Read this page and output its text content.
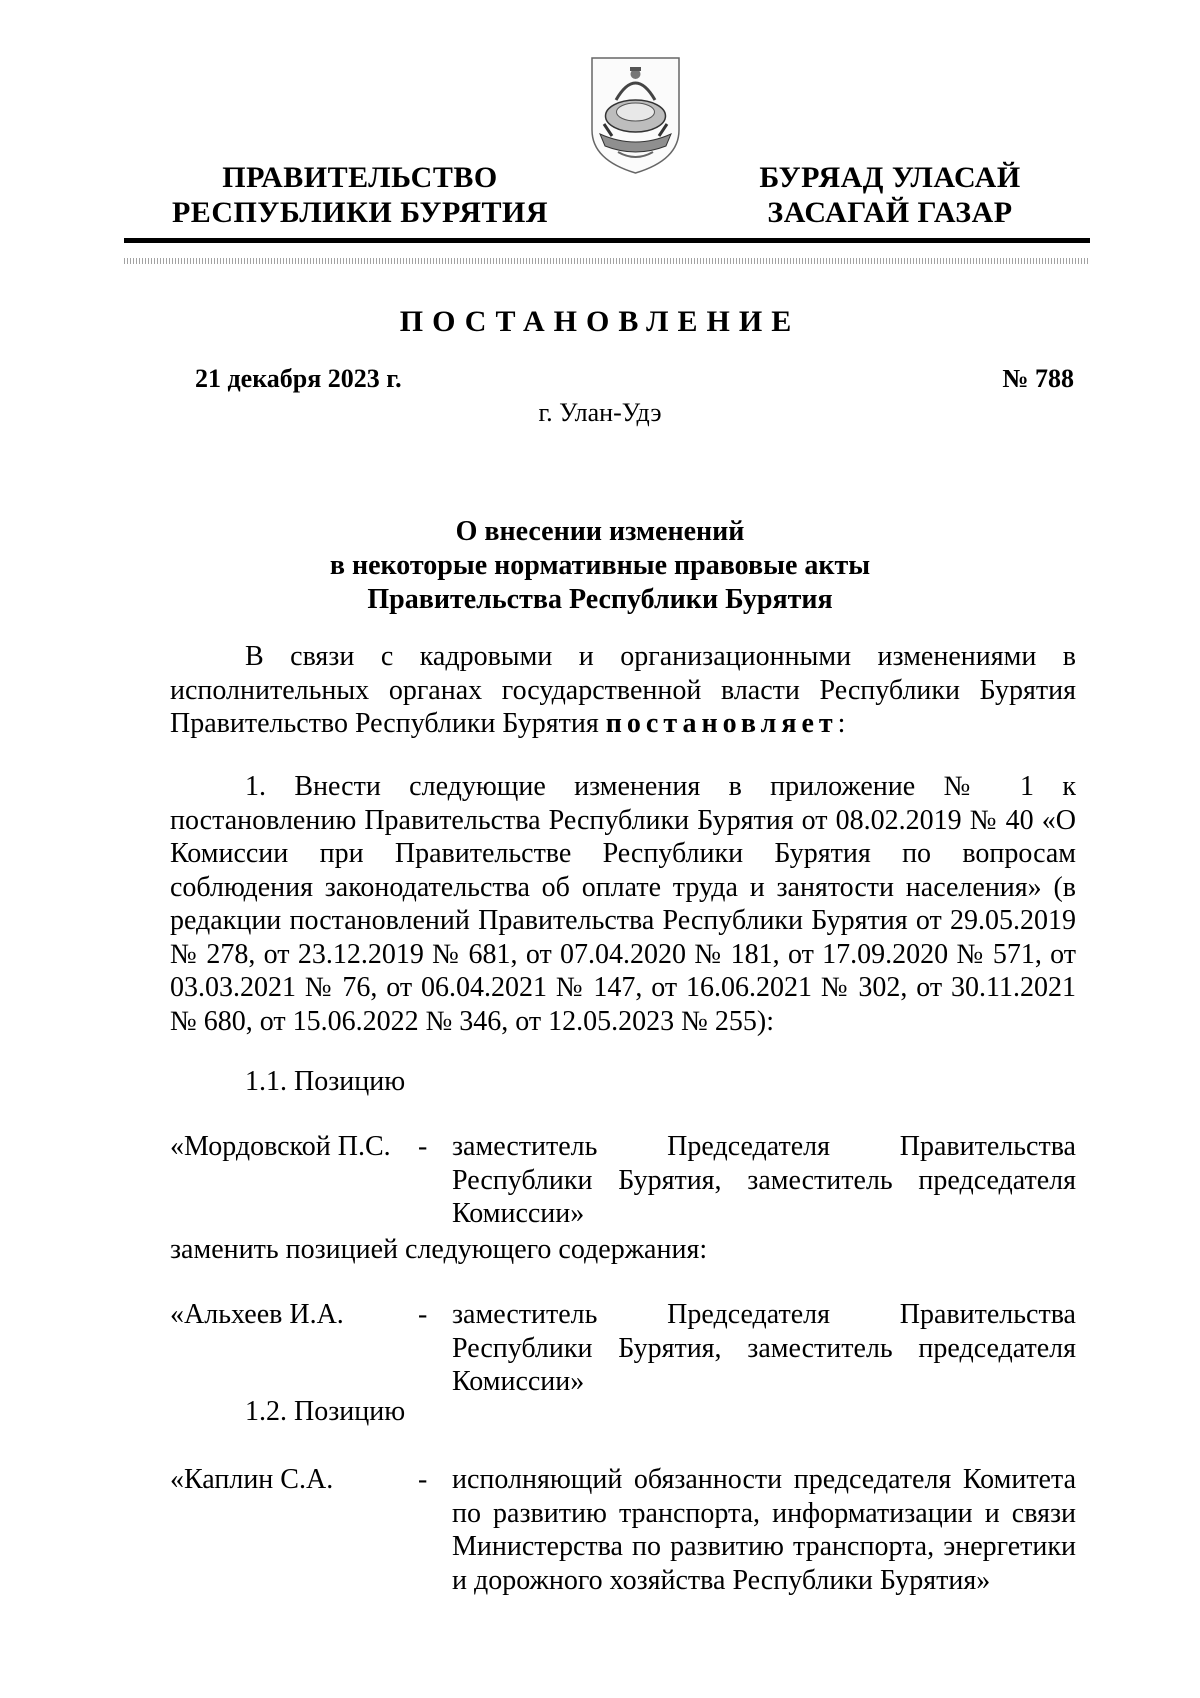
ПРАВИТЕЛЬСТВО
РЕСПУБЛИКИ БУРЯТИЯ
БУРЯАД УЛАСАЙ
ЗАСАГАЙ ГАЗАР
ПОСТАНОВЛЕНИЕ
21 декабря 2023 г.	№ 788
г. Улан-Удэ
О внесении изменений
в некоторые нормативные правовые акты
Правительства Республики Бурятия

В связи с кадровыми и организационными изменениями в исполнительных органах государственной власти Республики Бурятия Правительство Республики Бурятия постановляет:

1. Внести следующие изменения в приложение № 1 к постановлению Правительства Республики Бурятия от 08.02.2019 № 40 «О Комиссии при Правительстве Республики Бурятия по вопросам соблюдения законодательства об оплате труда и занятости населения» (в редакции постановлений Правительства Республики Бурятия от 29.05.2019 № 278, от 23.12.2019 № 681, от 07.04.2020 № 181, от 17.09.2020 № 571, от 03.03.2021 № 76, от 06.04.2021 № 147, от 16.06.2021 № 302, от 30.11.2021 № 680, от 15.06.2022 № 346, от 12.05.2023 № 255):

1.1. Позицию
«Мордовской П.С. - заместитель Председателя Правительства Республики Бурятия, заместитель председателя Комиссии»
заменить позицией следующего содержания:
«Альхеев И.А.	- заместитель Председателя Правительства Республики Бурятия, заместитель председателя Комиссии»
1.2. Позицию
«Каплин С.А.	- исполняющий обязанности председателя Комитета по развитию транспорта, информатизации и связи Министерства по развитию транспорта, энергетики и дорожного хозяйства Республики Бурятия»
